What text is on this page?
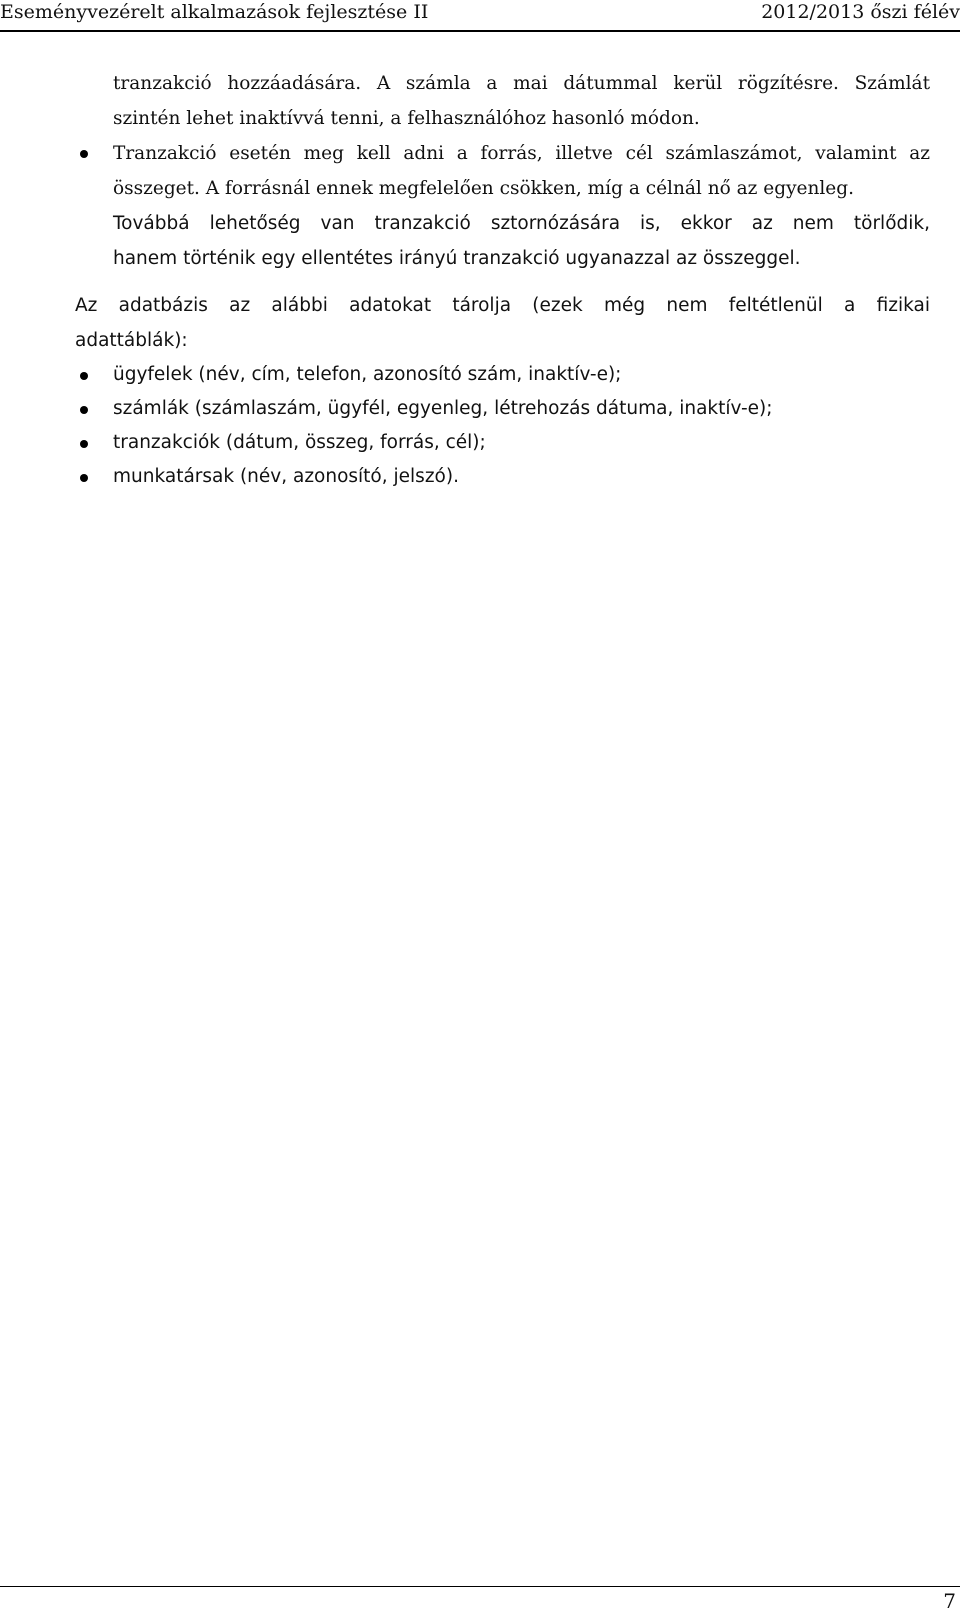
Eseményvezérelt alkalmazások fejlesztése II	2012/2013 őszi félév
tranzakció hozzáadására. A számla a mai dátummal kerül rögzítésre. Számlát
szintén lehet inaktívvá tenni, a felhasználóhoz hasonló módon.
Tranzakció esetén meg kell adni a forrás, illetve cél számlaszámot, valamint az
összeget. A forrásnál ennek megfelelően csökken, míg a célnál nő az egyenleg.
Továbbá lehetőség van tranzakció sztornózására is, ekkor az nem törlődik,
hanem történik egy ellentétes irányú tranzakció ugyanazzal az összeggel.
Az adatbázis az alábbi adatokat tárolja (ezek még nem feltétlenül a fizikai
adattáblák):
ügyfelek (név, cím, telefon, azonosító szám, inaktív-e);
számlák (számlaszám, ügyfél, egyenleg, létrehozás dátuma, inaktív-e);
tranzakciók (dátum, összeg, forrás, cél);
munkatársak (név, azonosító, jelszó).
7
